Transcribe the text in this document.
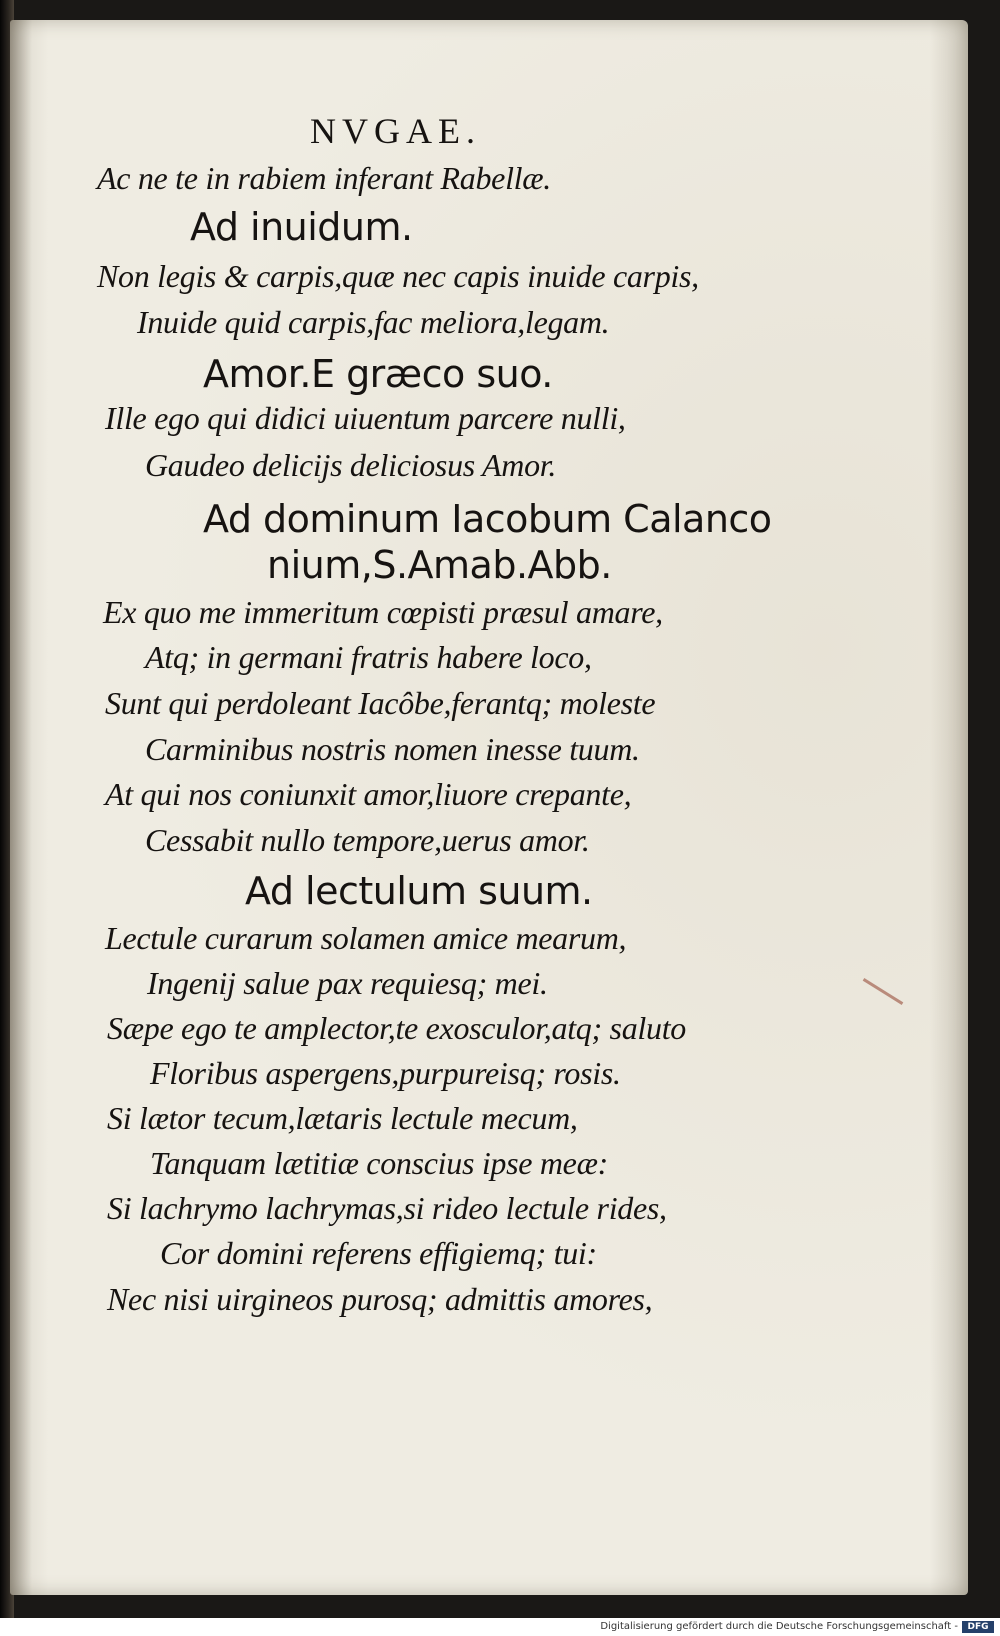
NVGAE.
Ac ne te in rabiem inferant Rabellæ.
Ad inuidum.
Non legis & carpis,quæ nec capis inuide carpis,
Inuide quid carpis,fac meliora,legam.
Amor.E græco suo.
Ille ego qui didici uiuentum parcere nulli,
Gaudeo delicijs deliciosus Amor.
Ad dominum Iacobum Calanco
nium,S.Amab.Abb.
Ex quo me immeritum cœpisti præsul amare,
Atq; in germani fratris habere loco,
Sunt qui perdoleant Iacôbe,ferantq; moleste
Carminibus nostris nomen inesse tuum.
At qui nos coniunxit amor,liuore crepante,
Cessabit nullo tempore,uerus amor.
Ad lectulum suum.
Lectule curarum solamen amice mearum,
Ingenij salue pax requiesq; mei.
Sæpe ego te amplector,te exosculor,atq; saluto
Floribus aspergens,purpureisq; rosis.
Si lætor tecum,lætaris lectule mecum,
Tanquam lætitiæ conscius ipse meæ:
Si lachrymo lachrymas,si rideo lectule rides,
Cor domini referens effigiemq; tui:
Nec nisi uirgineos purosq; admittis amores,
Digitalisierung gefördert durch die Deutsche Forschungsgemeinschaft -	DFG
